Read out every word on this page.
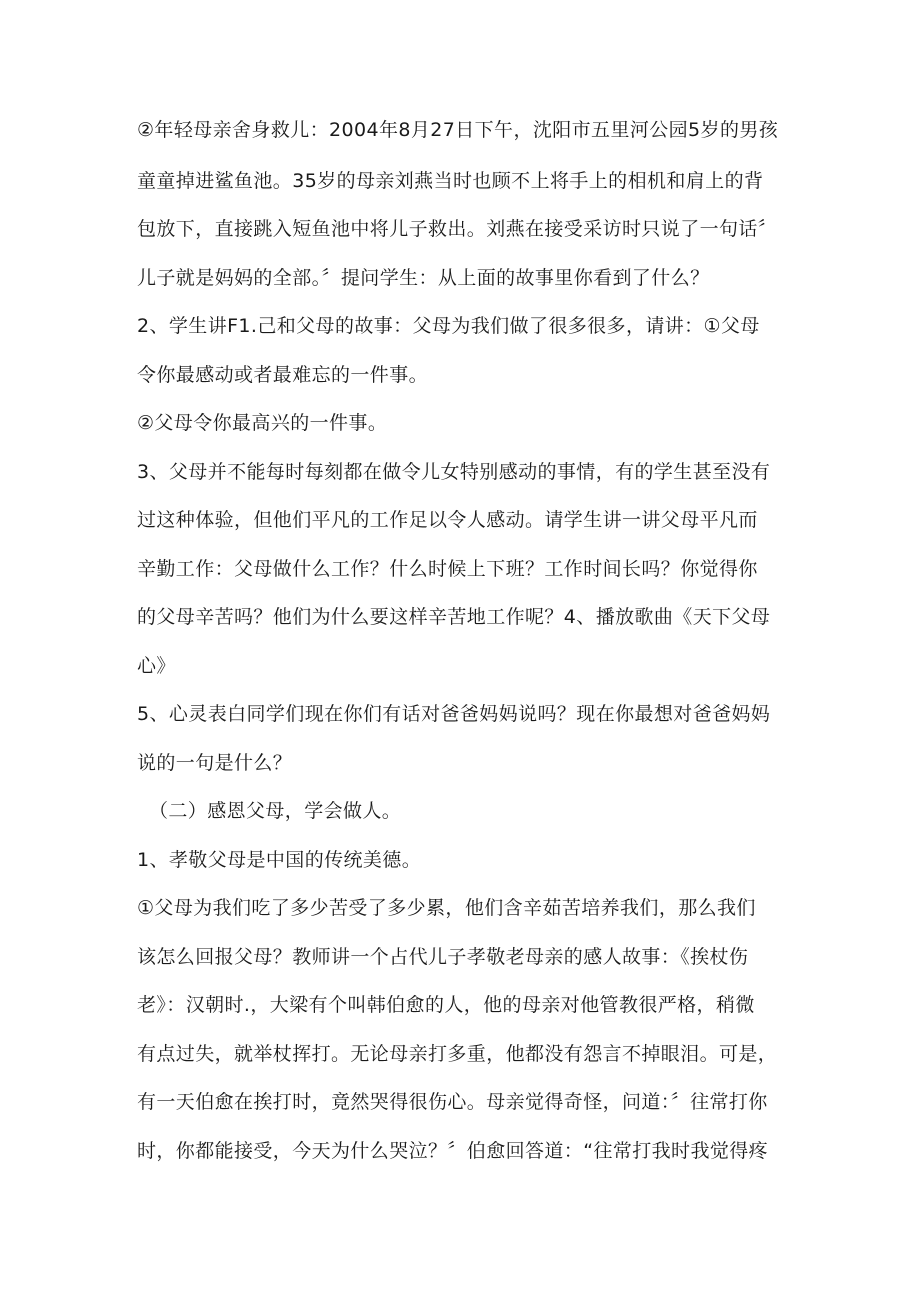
②年轻母亲舍身救儿：2004年8月27日下午，沈阳市五里河公园5岁的男孩
童童掉进鲨鱼池。35岁的母亲刘燕当时也顾不上将手上的相机和肩上的背
包放下，直接跳入短鱼池中将儿子救出。刘燕在接受采访时只说了一句话〞
儿子就是妈妈的全部。〞提问学生：从上面的故事里你看到了什么？
2、学生讲F1.己和父母的故事：父母为我们做了很多很多，请讲：①父母
令你最感动或者最难忘的一件事。
②父母令你最高兴的一件事。
3、父母并不能每时每刻都在做令儿女特别感动的事情，有的学生甚至没有
过这种体验，但他们平凡的工作足以令人感动。请学生讲一讲父母平凡而
辛勤工作：父母做什么工作？什么时候上下班？工作时间长吗？你觉得你
的父母辛苦吗？他们为什么要这样辛苦地工作呢？4、播放歌曲《天下父母
心》
5、心灵表白同学们现在你们有话对爸爸妈妈说吗？现在你最想对爸爸妈妈
说的一句是什么？
（二）感恩父母，学会做人。
1、孝敬父母是中国的传统美德。
①父母为我们吃了多少苦受了多少累，他们含辛茹苦培养我们，那么我们
该怎么回报父母？教师讲一个占代儿子孝敬老母亲的感人故事：《挨杖伤
老》：汉朝时.，大梁有个叫韩伯愈的人，他的母亲对他管教很严格，稍微
有点过失，就举杖挥打。无论母亲打多重，他都没有怨言不掉眼泪。可是，
有一天伯愈在挨打时，竟然哭得很伤心。母亲觉得奇怪，问道：〞往常打你
时，你都能接受，今天为什么哭泣？〞伯愈回答道：“往常打我时我觉得疼
